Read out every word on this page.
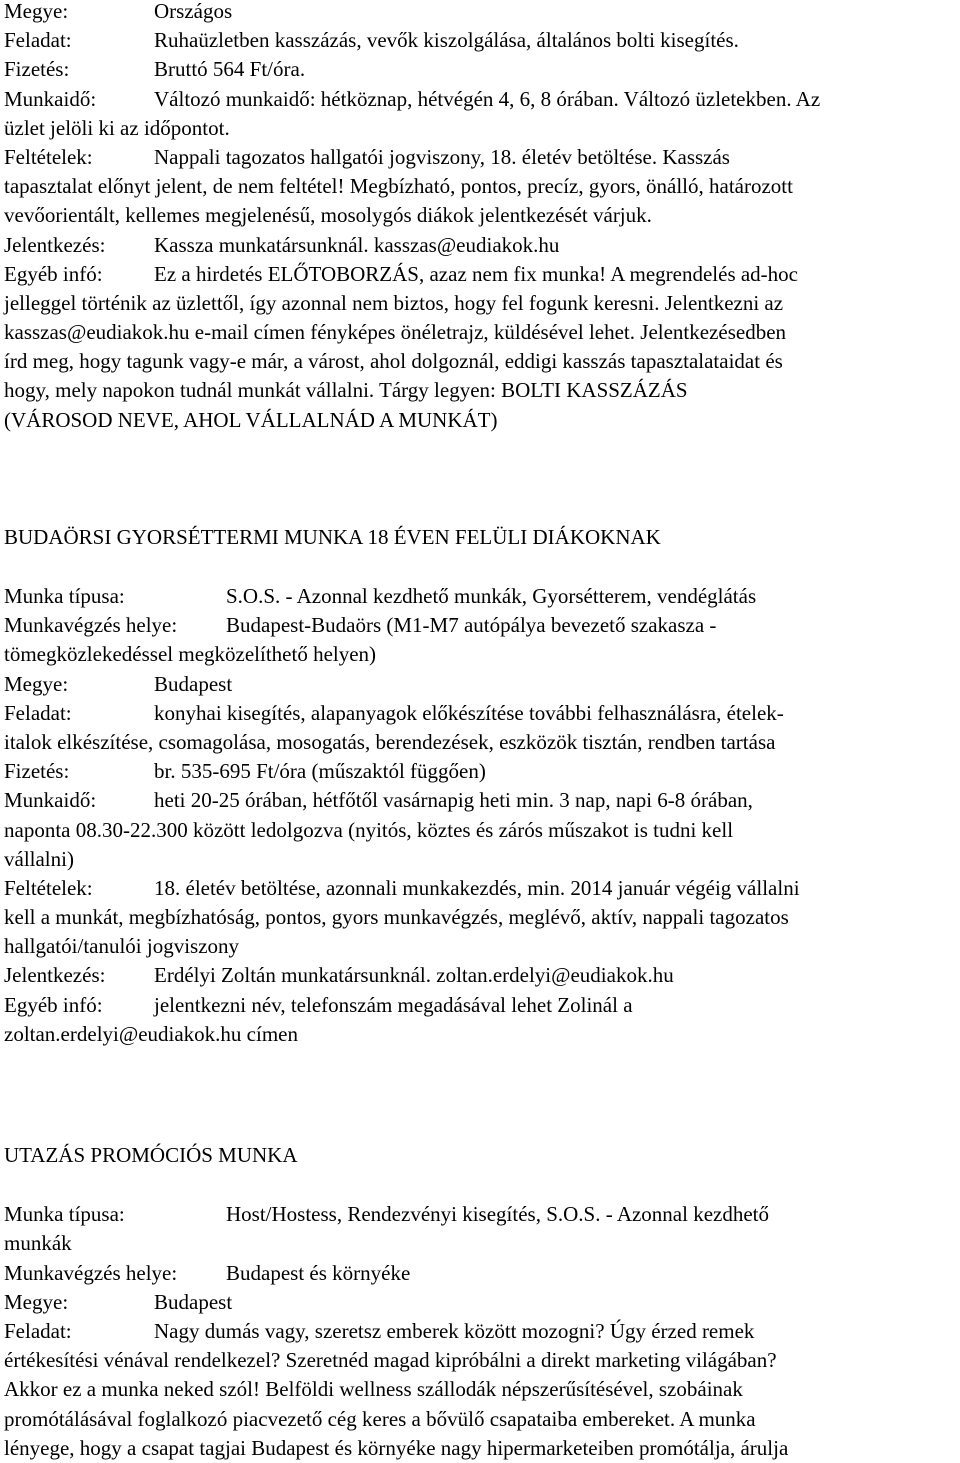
Megye:	Országos
Feladat:	Ruhaüzletben kasszázás, vevők kiszolgálása, általános bolti kisegítés.
Fizetés:	Bruttó 564 Ft/óra.
Munkaidő:	Változó munkaidő: hétköznap, hétvégén 4, 6, 8 órában. Változó üzletekben. Az
üzlet jelöli ki az időpontot.
Feltételek:	Nappali tagozatos hallgatói jogviszony, 18. életév betöltése. Kasszás
tapasztalat előnyt jelent, de nem feltétel! Megbízható, pontos, precíz, gyors, önálló, határozott
vevőorientált, kellemes megjelenésű, mosolygós diákok jelentkezését várjuk.
Jelentkezés: Kassza munkatársunknál. kasszas@eudiakok.hu
Egyéb infó: Ez a hirdetés ELŐTOBORZÁS, azaz nem fix munka! A megrendelés ad-hoc
jelleggel történik az üzlettől, így azonnal nem biztos, hogy fel fogunk keresni. Jelentkezni az
kasszas@eudiakok.hu e-mail címen fényképes önéletrajz, küldésével lehet. Jelentkezésedben
írd meg, hogy tagunk vagy-e már, a várost, ahol dolgoznál, eddigi kasszás tapasztalataidat és
hogy, mely napokon tudnál munkát vállalni. Tárgy legyen: BOLTI KASSZÁZÁS
(VÁROSOD NEVE, AHOL VÁLLALNÁD A MUNKÁT)
BUDAÖRSI GYORSÉTTERMI MUNKA 18 ÉVEN FELÜLI DIÁKOKNAK
Munka típusa:	S.O.S. - Azonnal kezdhető munkák, Gyorsétterem, vendéglátás
Munkavégzés helye: Budapest-Budaörs (M1-M7 autópálya bevezető szakasza -
tömegközlekedéssel megközelíthető helyen)
Megye:	Budapest
Feladat:	konyhai kisegítés, alapanyagok előkészítése további felhasználásra, ételek-
italok elkészítése, csomagolása, mosogatás, berendezések, eszközök tisztán, rendben tartása
Fizetés:	br. 535-695 Ft/óra (műszaktól függően)
Munkaidő:	heti 20-25 órában, hétfőtől vasárnapig heti min. 3 nap, napi 6-8 órában,
naponta 08.30-22.300 között ledolgozva (nyitós, köztes és zárós műszakot is tudni kell
vállalni)
Feltételek:	18. életév betöltése, azonnali munkakezdés, min. 2014 január végéig vállalni
kell a munkát, megbízhatóság, pontos, gyors munkavégzés, meglévő, aktív, nappali tagozatos
hallgatói/tanulói jogviszony
Jelentkezés: Erdélyi Zoltán munkatársunknál. zoltan.erdelyi@eudiakok.hu
Egyéb infó: jelentkezni név, telefonszám megadásával lehet Zolinál a
zoltan.erdelyi@eudiakok.hu címen
UTAZÁS PROMÓCIÓS MUNKA
Munka típusa:	Host/Hostess, Rendezvényi kisegítés, S.O.S. - Azonnal kezdhető
munkák
Munkavégzés helye: Budapest és környéke
Megye:	Budapest
Feladat:	Nagy dumás vagy, szeretsz emberek között mozogni? Úgy érzed remek
értékesítési vénával rendelkezel? Szeretnéd magad kipróbálni a direkt marketing világában?
Akkor ez a munka neked szól! Belföldi wellness szállodák népszerűsítésével, szobáinak
promótálásával foglalkozó piacvezető cég keres a bővülő csapataiba embereket. A munka
lényege, hogy a csapat tagjai Budapest és környéke nagy hipermarketeiben promótálja, árulja
